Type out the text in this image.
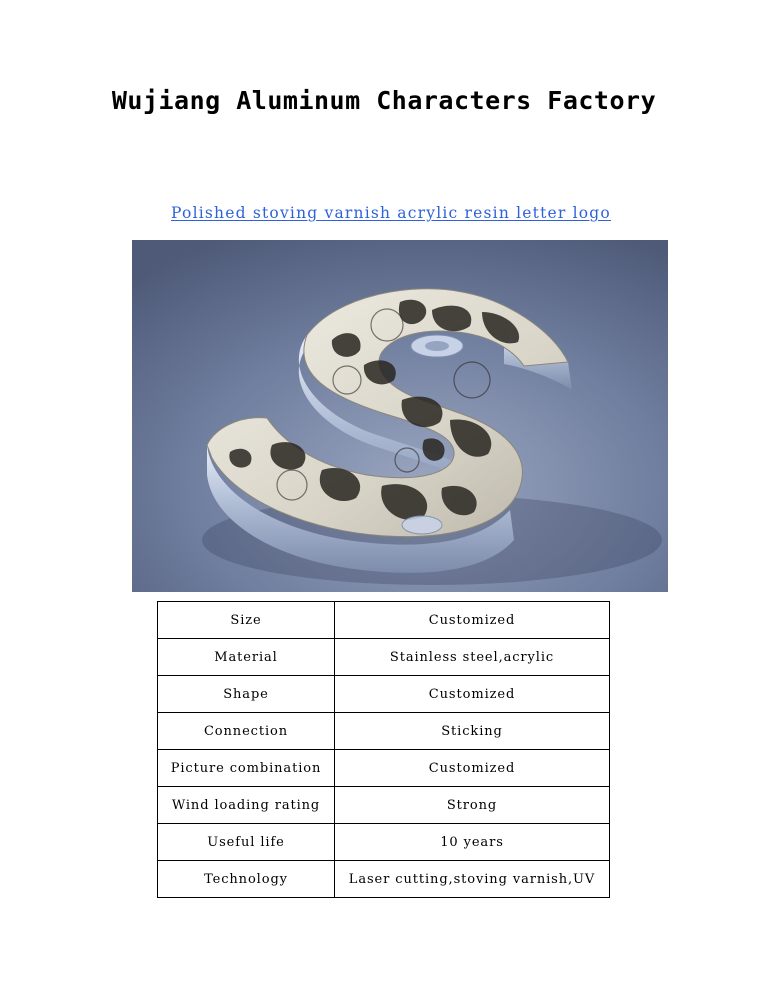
Wujiang Aluminum Characters Factory
Polished stoving varnish acrylic resin letter logo
Size	Customized
Material	Stainless steel,acrylic
Shape	Customized
Connection	Sticking
Picture combination	Customized
Wind loading rating	Strong
Useful life	10 years
Technology	Laser cutting,stoving varnish,UV
